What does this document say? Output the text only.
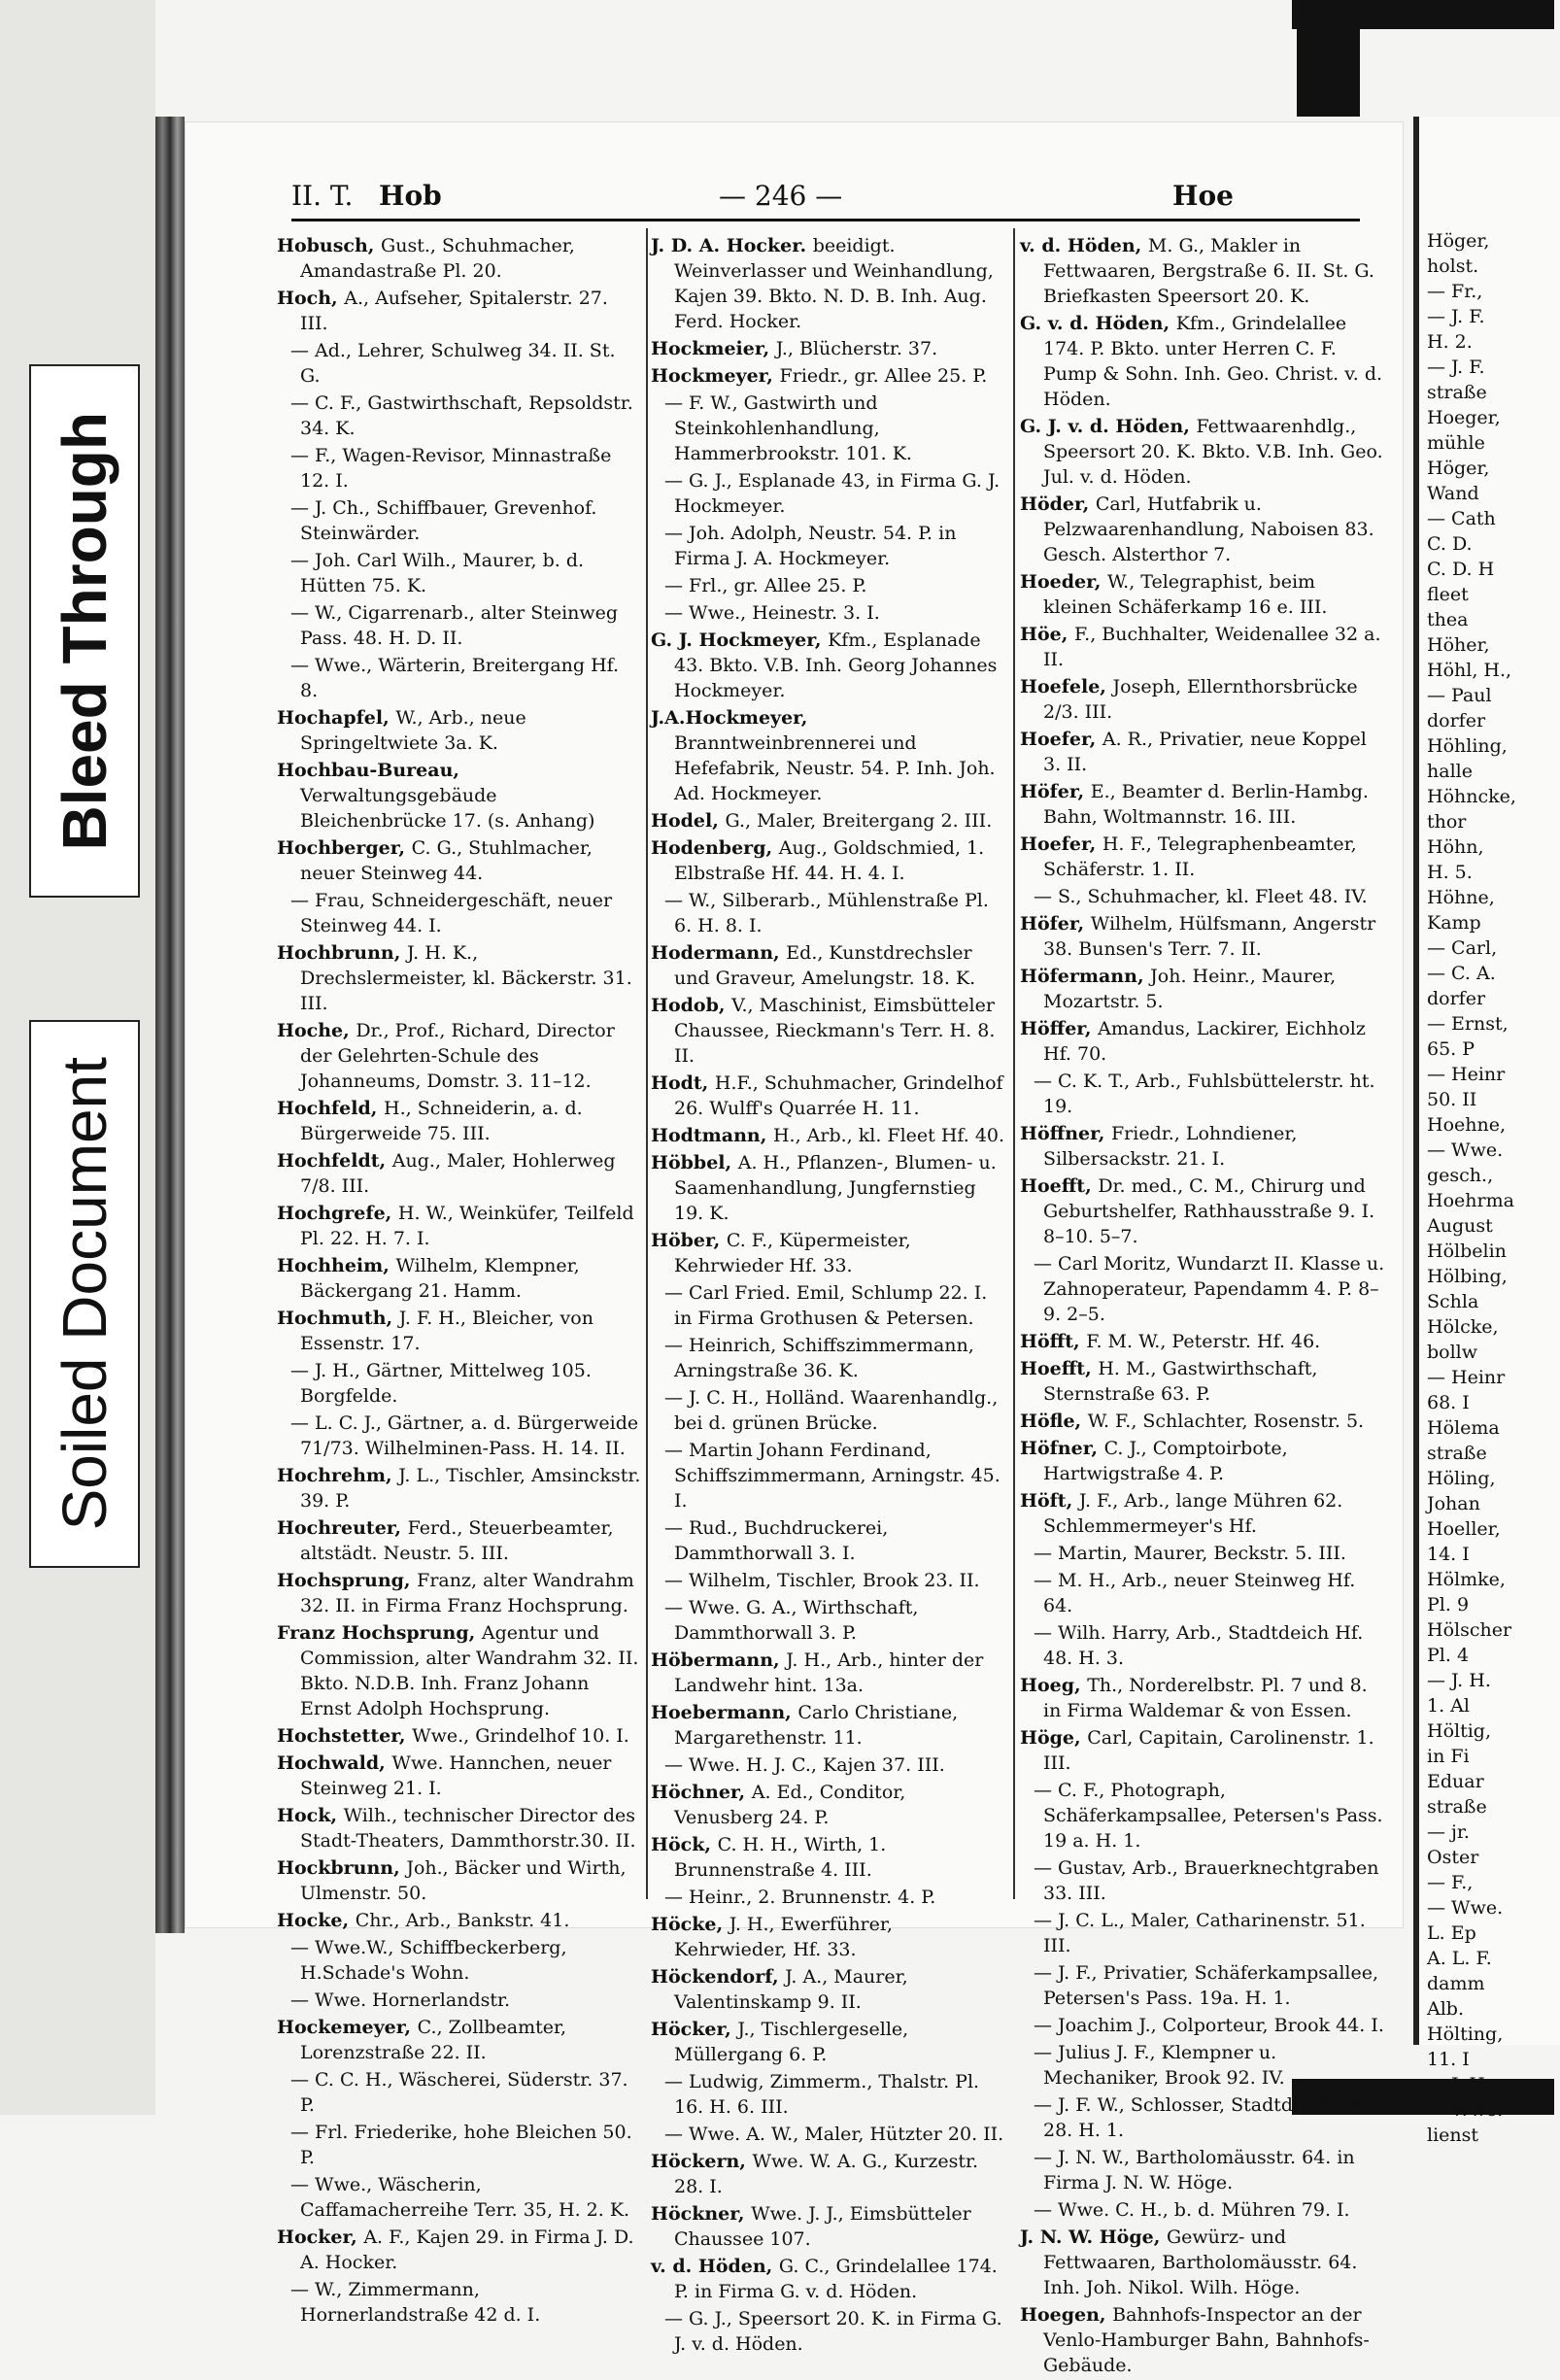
Bleed Through
Soiled Document
II. T. Hob	— 246 —	Hoe
Hobusch, Gust., Schuhmacher, Amandastraße Pl. 20.
Hoch, A., Aufseher, Spitalerstr. 27. III.
— Ad., Lehrer, Schulweg 34. II. St. G.
— C. F., Gastwirthschaft, Repsoldstr. 34. K.
— F., Wagen-Revisor, Minnastraße 12. I.
— J. Ch., Schiffbauer, Grevenhof. Steinwärder.
— Joh. Carl Wilh., Maurer, b. d. Hütten 75. K.
— W., Cigarrenarb., alter Steinweg Pass. 48. H. D. II.
— Wwe., Wärterin, Breitergang Hf. 8.
Hochapfel, W., Arb., neue Springeltwiete 3a. K.
Hochbau-Bureau, Verwaltungsgebäude Bleichenbrücke 17. (s. Anhang)
Hochberger, C. G., Stuhlmacher, neuer Steinweg 44.
— Frau, Schneidergeschäft, neuer Steinweg 44. I.
Hochbrunn, J. H. K., Drechslermeister, kl. Bäckerstr. 31. III.
Hoche, Dr., Prof., Richard, Director der Gelehrten-Schule des Johanneums, Domstr. 3. 11–12.
Hochfeld, H., Schneiderin, a. d. Bürgerweide 75. III.
Hochfeldt, Aug., Maler, Hohlerweg 7/8. III.
Hochgrefe, H. W., Weinküfer, Teilfeld Pl. 22. H. 7. I.
Hochheim, Wilhelm, Klempner, Bäckergang 21. Hamm.
Hochmuth, J. F. H., Bleicher, von Essenstr. 17.
— J. H., Gärtner, Mittelweg 105. Borgfelde.
— L. C. J., Gärtner, a. d. Bürgerweide 71/73. Wilhelminen-Pass. H. 14. II.
Hochrehm, J. L., Tischler, Amsinckstr. 39. P.
Hochreuter, Ferd., Steuerbeamter, altstädt. Neustr. 5. III.
Hochsprung, Franz, alter Wandrahm 32. II. in Firma Franz Hochsprung.
Franz Hochsprung, Agentur und Commission, alter Wandrahm 32. II. Bkto. N.D.B. Inh. Franz Johann Ernst Adolph Hochsprung.
Hochstetter, Wwe., Grindelhof 10. I.
Hochwald, Wwe. Hannchen, neuer Steinweg 21. I.
Hock, Wilh., technischer Director des Stadt-Theaters, Dammthorstr.30. II.
Hockbrunn, Joh., Bäcker und Wirth, Ulmenstr. 50.
Hocke, Chr., Arb., Bankstr. 41.
— Wwe.W., Schiffbeckerberg, H.Schade's Wohn.
— Wwe. Hornerlandstr.
Hockemeyer, C., Zollbeamter, Lorenzstraße 22. II.
— C. C. H., Wäscherei, Süderstr. 37. P.
— Frl. Friederike, hohe Bleichen 50. P.
— Wwe., Wäscherin, Caffamacherreihe Terr. 35, H. 2. K.
Hocker, A. F., Kajen 29. in Firma J. D. A. Hocker.
— W., Zimmermann, Hornerlandstraße 42 d. I.
J. D. A. Hocker. beeidigt. Weinverlasser und Weinhandlung, Kajen 39. Bkto. N. D. B. Inh. Aug. Ferd. Hocker.
Hockmeier, J., Blücherstr. 37.
Hockmeyer, Friedr., gr. Allee 25. P.
— F. W., Gastwirth und Steinkohlenhandlung, Hammerbrookstr. 101. K.
— G. J., Esplanade 43, in Firma G. J. Hockmeyer.
— Joh. Adolph, Neustr. 54. P. in Firma J. A. Hockmeyer.
— Frl., gr. Allee 25. P.
— Wwe., Heinestr. 3. I.
G. J. Hockmeyer, Kfm., Esplanade 43. Bkto. V.B. Inh. Georg Johannes Hockmeyer.
J.A.Hockmeyer, Branntweinbrennerei und Hefefabrik, Neustr. 54. P. Inh. Joh. Ad. Hockmeyer.
Hodel, G., Maler, Breitergang 2. III.
Hodenberg, Aug., Goldschmied, 1. Elbstraße Hf. 44. H. 4. I.
— W., Silberarb., Mühlenstraße Pl. 6. H. 8. I.
Hodermann, Ed., Kunstdrechsler und Graveur, Amelungstr. 18. K.
Hodob, V., Maschinist, Eimsbütteler Chaussee, Rieckmann's Terr. H. 8. II.
Hodt, H.F., Schuhmacher, Grindelhof 26. Wulff's Quarrée H. 11.
Hodtmann, H., Arb., kl. Fleet Hf. 40.
Höbbel, A. H., Pflanzen-, Blumen- u. Saamenhandlung, Jungfernstieg 19. K.
Höber, C. F., Küpermeister, Kehrwieder Hf. 33.
— Carl Fried. Emil, Schlump 22. I. in Firma Grothusen & Petersen.
— Heinrich, Schiffszimmermann, Arningstraße 36. K.
— J. C. H., Holländ. Waarenhandlg., bei d. grünen Brücke.
— Martin Johann Ferdinand, Schiffszimmermann, Arningstr. 45. I.
— Rud., Buchdruckerei, Dammthorwall 3. I.
— Wilhelm, Tischler, Brook 23. II.
— Wwe. G. A., Wirthschaft, Dammthorwall 3. P.
Höbermann, J. H., Arb., hinter der Landwehr hint. 13a.
Hoebermann, Carlo Christiane, Margarethenstr. 11.
— Wwe. H. J. C., Kajen 37. III.
Höchner, A. Ed., Conditor, Venusberg 24. P.
Höck, C. H. H., Wirth, 1. Brunnenstraße 4. III.
— Heinr., 2. Brunnenstr. 4. P.
Höcke, J. H., Ewerführer, Kehrwieder, Hf. 33.
Höckendorf, J. A., Maurer, Valentinskamp 9. II.
Höcker, J., Tischlergeselle, Müllergang 6. P.
— Ludwig, Zimmerm., Thalstr. Pl. 16. H. 6. III.
— Wwe. A. W., Maler, Hützter 20. II.
Höckern, Wwe. W. A. G., Kurzestr. 28. I.
Höckner, Wwe. J. J., Eimsbütteler Chaussee 107.
v. d. Höden, G. C., Grindelallee 174. P. in Firma G. v. d. Höden.
— G. J., Speersort 20. K. in Firma G. J. v. d. Höden.
v. d. Höden, M. G., Makler in Fettwaaren, Bergstraße 6. II. St. G. Briefkasten Speersort 20. K.
G. v. d. Höden, Kfm., Grindelallee 174. P. Bkto. unter Herren C. F. Pump & Sohn. Inh. Geo. Christ. v. d. Höden.
G. J. v. d. Höden, Fettwaarenhdlg., Speersort 20. K. Bkto. V.B. Inh. Geo. Jul. v. d. Höden.
Höder, Carl, Hutfabrik u. Pelzwaarenhandlung, Naboisen 83. Gesch. Alsterthor 7.
Hoeder, W., Telegraphist, beim kleinen Schäferkamp 16 e. III.
Höe, F., Buchhalter, Weidenallee 32 a. II.
Hoefele, Joseph, Ellernthorsbrücke 2/3. III.
Hoefer, A. R., Privatier, neue Koppel 3. II.
Höfer, E., Beamter d. Berlin-Hambg. Bahn, Woltmannstr. 16. III.
Hoefer, H. F., Telegraphenbeamter, Schäferstr. 1. II.
— S., Schuhmacher, kl. Fleet 48. IV.
Höfer, Wilhelm, Hülfsmann, Angerstr 38. Bunsen's Terr. 7. II.
Höfermann, Joh. Heinr., Maurer, Mozartstr. 5.
Höffer, Amandus, Lackirer, Eichholz Hf. 70.
— C. K. T., Arb., Fuhlsbüttelerstr. ht. 19.
Höffner, Friedr., Lohndiener, Silbersackstr. 21. I.
Hoefft, Dr. med., C. M., Chirurg und Geburtshelfer, Rathhausstraße 9. I. 8–10. 5–7.
— Carl Moritz, Wundarzt II. Klasse u. Zahnoperateur, Papendamm 4. P. 8–9. 2–5.
Höfft, F. M. W., Peterstr. Hf. 46.
Hoefft, H. M., Gastwirthschaft, Sternstraße 63. P.
Höfle, W. F., Schlachter, Rosenstr. 5.
Höfner, C. J., Comptoirbote, Hartwigstraße 4. P.
Höft, J. F., Arb., lange Mühren 62. Schlemmermeyer's Hf.
— Martin, Maurer, Beckstr. 5. III.
— M. H., Arb., neuer Steinweg Hf. 64.
— Wilh. Harry, Arb., Stadtdeich Hf. 48. H. 3.
Hoeg, Th., Norderelbstr. Pl. 7 und 8. in Firma Waldemar & von Essen.
Höge, Carl, Capitain, Carolinenstr. 1. III.
— C. F., Photograph, Schäferkampsallee, Petersen's Pass. 19 a. H. 1.
— Gustav, Arb., Brauerknechtgraben 33. III.
— J. C. L., Maler, Catharinenstr. 51. III.
— J. F., Privatier, Schäferkampsallee, Petersen's Pass. 19a. H. 1.
— Joachim J., Colporteur, Brook 44. I.
— Julius J. F., Klempner u. Mechaniker, Brook 92. IV.
— J. F. W., Schlosser, Stadtdeich, Pl. 28. H. 1.
— J. N. W., Bartholomäusstr. 64. in Firma J. N. W. Höge.
— Wwe. C. H., b. d. Mühren 79. I.
J. N. W. Höge, Gewürz- und Fettwaaren, Bartholomäusstr. 64. Inh. Joh. Nikol. Wilh. Höge.
Hoegen, Bahnhofs-Inspector an der Venlo-Hamburger Bahn, Bahnhofs-Gebäude.
Höger,
holst.
— Fr.,
— J. F.
H. 2.
— J. F.
straße
Hoeger,
mühle
Höger,
Wand
— Cath
C. D.
C. D. H
fleet
thea
Höher,
Höhl, H.,
— Paul
dorfer
Höhling,
halle
Höhncke,
thor
Höhn,
H. 5.
Höhne,
Kamp
— Carl,
— C. A.
dorfer
— Ernst,
65. P
— Heinr
50. II
Hoehne,
— Wwe.
gesch.,
Hoehrma
August
Hölbelin
Hölbing,
Schla
Hölcke,
bollw
— Heinr
68. I
Hölema
straße
Höling,
Johan
Hoeller,
14. I
Hölmke,
Pl. 9
Hölscher
Pl. 4
— J. H.
1. Al
Höltig,
in Fi
Eduar
straße
— jr.
Oster
— F.,
— Wwe.
L. Ep
A. L. F.
damm
Alb.
Hölting,
11. I
— J. H.
— Wwe.
lienst
